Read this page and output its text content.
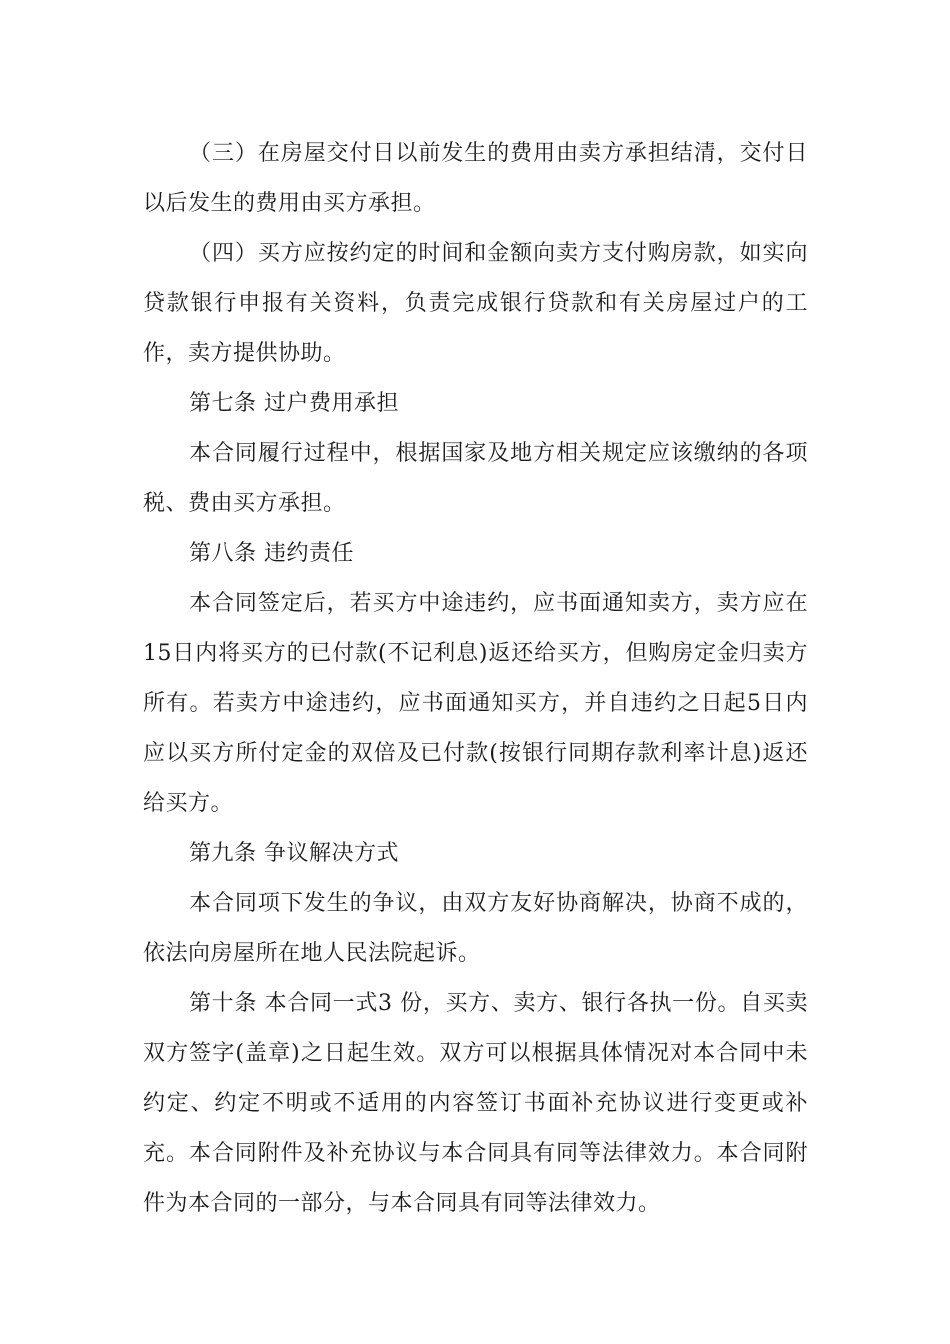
（三）在房屋交付日以前发生的费用由卖方承担结清，交付日以后发生的费用由买方承担。

（四）买方应按约定的时间和金额向卖方支付购房款，如实向贷款银行申报有关资料，负责完成银行贷款和有关房屋过户的工作，卖方提供协助。

第七条 过户费用承担

本合同履行过程中，根据国家及地方相关规定应该缴纳的各项税、费由买方承担。

第八条 违约责任

本合同签定后，若买方中途违约，应书面通知卖方，卖方应在15日内将买方的已付款(不记利息)返还给买方，但购房定金归卖方所有。若卖方中途违约，应书面通知买方，并自违约之日起5日内应以买方所付定金的双倍及已付款(按银行同期存款利率计息)返还给买方。

第九条 争议解决方式

本合同项下发生的争议，由双方友好协商解决，协商不成的，依法向房屋所在地人民法院起诉。

第十条 本合同一式3 份，买方、卖方、银行各执一份。自买卖双方签字(盖章)之日起生效。双方可以根据具体情况对本合同中未约定、约定不明或不适用的内容签订书面补充协议进行变更或补充。本合同附件及补充协议与本合同具有同等法律效力。本合同附件为本合同的一部分，与本合同具有同等法律效力。
